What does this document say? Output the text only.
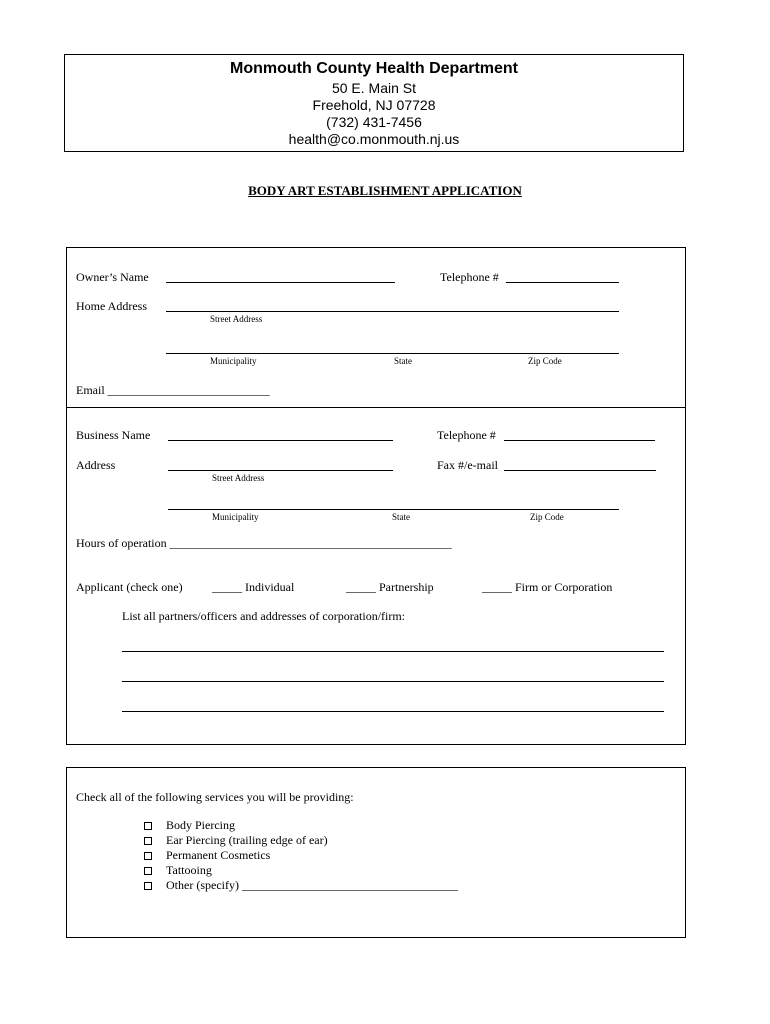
Monmouth County Health Department
50 E. Main St
Freehold, NJ 07728
(732) 431-7456
health@co.monmouth.nj.us
BODY ART ESTABLISHMENT APPLICATION
Owner’s Name	Telephone #
Home Address
Street Address
Municipality	State	Zip Code
Email ___________________________
Business Name	Telephone #
Address	Fax #/e-mail
Street Address
Municipality	State	Zip Code
Hours of operation _______________________________________________
Applicant (check one) _____ Individual	_____ Partnership	_____ Firm or Corporation
List all partners/officers and addresses of corporation/firm:
Check all of the following services you will be providing:
Body Piercing
Ear Piercing (trailing edge of ear)
Permanent Cosmetics
Tattooing
Other (specify) ____________________________________
